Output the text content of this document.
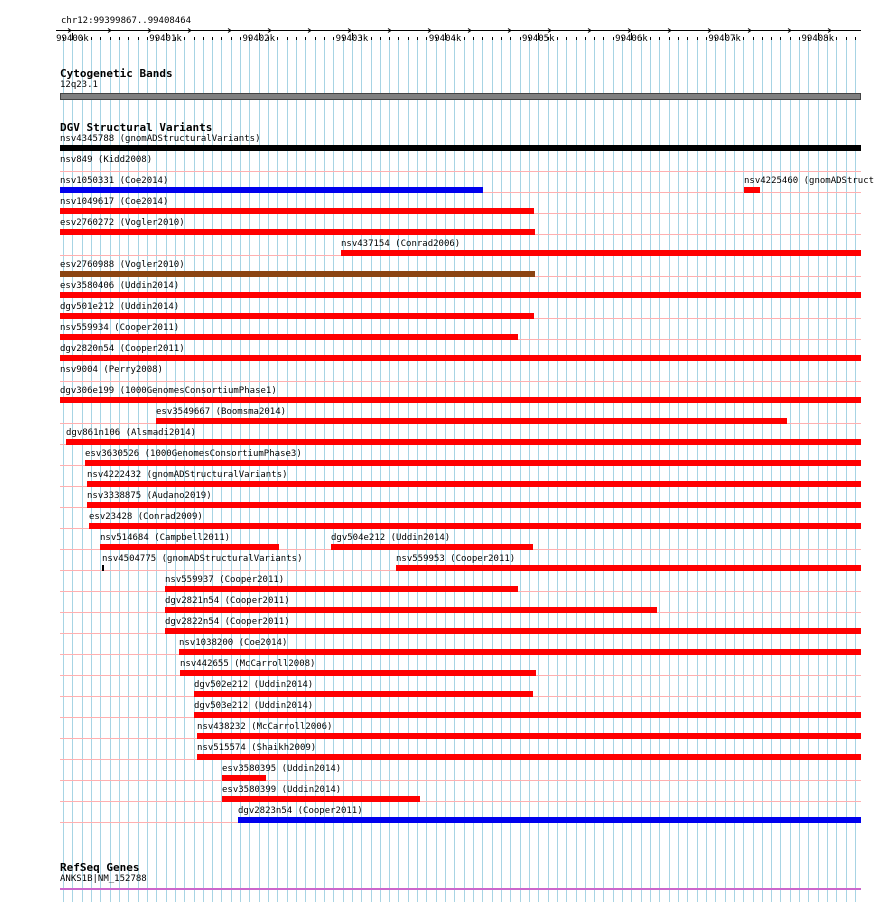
chr12:99399867..99408464
99400k	99401k	99402k	99403k	99404k	99405k	99406k	99407k	99408k
Cytogenetic Bands
12q23.1
DGV Structural Variants
nsv4345788 (gnomADStructuralVariants)
nsv849 (Kidd2008)
nsv1050331 (Coe2014)	nsv4225460 (gnomADStruct
nsv1049617 (Coe2014)
esv2760272 (Vogler2010)
nsv437154 (Conrad2006)
esv2760988 (Vogler2010)
esv3580406 (Uddin2014)
dgv501e212 (Uddin2014)
nsv559934 (Cooper2011)
dgv2820n54 (Cooper2011)
nsv9004 (Perry2008)
dgv306e199 (1000GenomesConsortiumPhase1)
esv3549667 (Boomsma2014)
dgv861n106 (Alsmadi2014)
esv3630526 (1000GenomesConsortiumPhase3)
nsv4222432 (gnomADStructuralVariants)
nsv3338875 (Audano2019)
esv23428 (Conrad2009)
nsv514684 (Campbell2011)	dgv504e212 (Uddin2014)
nsv4504775 (gnomADStructuralVariants)	nsv559953 (Cooper2011)
nsv559937 (Cooper2011)
dgv2821n54 (Cooper2011)
dgv2822n54 (Cooper2011)
nsv1038200 (Coe2014)
nsv442655 (McCarroll2008)
dgv502e212 (Uddin2014)
dgv503e212 (Uddin2014)
nsv438232 (McCarroll2006)
nsv515574 (Shaikh2009)
esv3580395 (Uddin2014)
esv3580399 (Uddin2014)
dgv2823n54 (Cooper2011)
RefSeq Genes
ANKS1B|NM_152788
